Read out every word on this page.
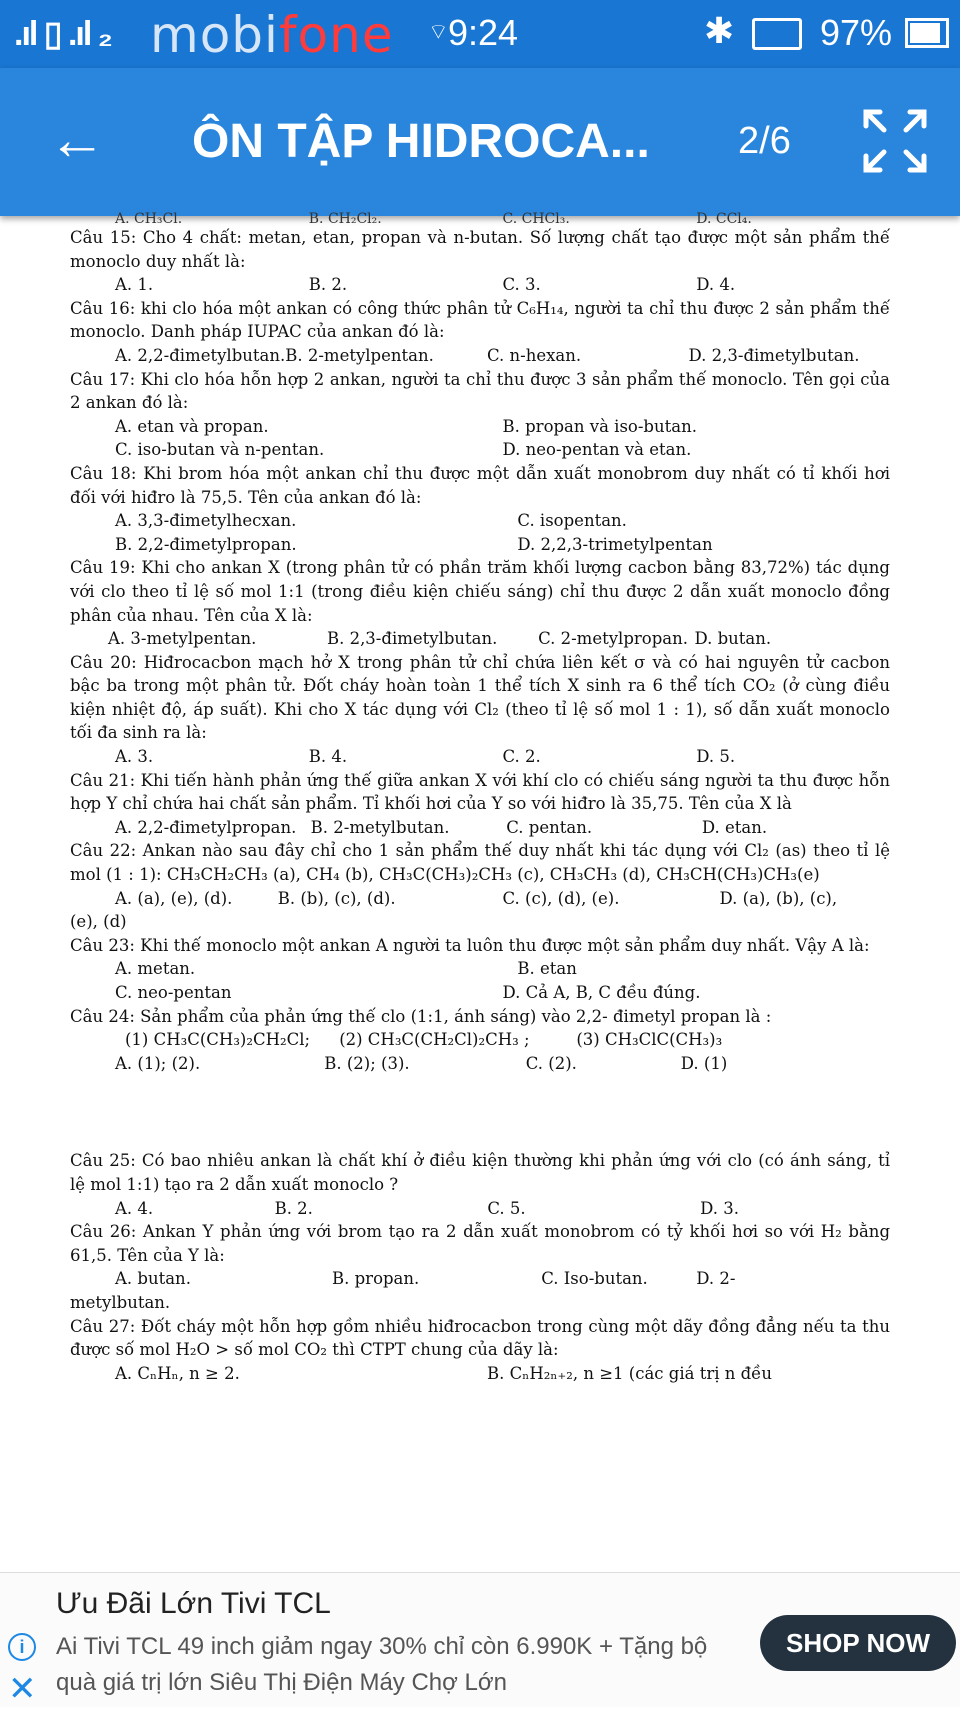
.ıl ▯ .ıl ₂ mobifone ⌔ 9:24	✱ 97%
← ÔN TẬP HIDROCA... 2/6
A. CH₃Cl.	B. CH₂Cl₂.	C. CHCl₃.	D. CCl₄.

Câu 15: Cho 4 chất: metan, etan, propan và n-butan. Số lượng chất tạo được một sản phẩm thế monoclo duy nhất là:

A. 1.	B. 2.	C. 3.	D. 4.

Câu 16: khi clo hóa một ankan có công thức phân tử C₆H₁₄, người ta chỉ thu được 2 sản phẩm thế monoclo. Danh pháp IUPAC của ankan đó là:

A. 2,2-đimetylbutan.B. 2-metylpentan.	C. n-hexan.	D. 2,3-đimetylbutan.

Câu 17: Khi clo hóa hỗn hợp 2 ankan, người ta chỉ thu được 3 sản phẩm thế monoclo. Tên gọi của 2 ankan đó là:

A. etan và propan.	B. propan và iso-butan.
C. iso-butan và n-pentan.	D. neo-pentan và etan.

Câu 18: Khi brom hóa một ankan chỉ thu được một dẫn xuất monobrom duy nhất có tỉ khối hơi đối với hiđro là 75,5. Tên của ankan đó là:

A. 3,3-đimetylhecxan.	C. isopentan.
B. 2,2-đimetylpropan.	D. 2,2,3-trimetylpentan

Câu 19: Khi cho ankan X (trong phân tử có phần trăm khối lượng cacbon bằng 83,72%) tác dụng với clo theo tỉ lệ số mol 1:1 (trong điều kiện chiếu sáng) chỉ thu được 2 dẫn xuất monoclo đồng phân của nhau. Tên của X là:

A. 3-metylpentan.	B. 2,3-đimetylbutan.	C. 2-metylpropan. D. butan.

Câu 20: Hiđrocacbon mạch hở X trong phân tử chỉ chứa liên kết σ và có hai nguyên tử cacbon bậc ba trong một phân tử. Đốt cháy hoàn toàn 1 thể tích X sinh ra 6 thể tích CO₂ (ở cùng điều kiện nhiệt độ, áp suất). Khi cho X tác dụng với Cl₂ (theo tỉ lệ số mol 1 : 1), số dẫn xuất monoclo tối đa sinh ra là:

A. 3.	B. 4.	C. 2.	D. 5.

Câu 21: Khi tiến hành phản ứng thế giữa ankan X với khí clo có chiếu sáng người ta thu được hỗn hợp Y chỉ chứa hai chất sản phẩm. Tỉ khối hơi của Y so với hiđro là 35,75. Tên của X là

A. 2,2-đimetylpropan. B. 2-metylbutan.	C. pentan.	D. etan.

Câu 22: Ankan nào sau đây chỉ cho 1 sản phẩm thế duy nhất khi tác dụng với Cl₂ (as) theo tỉ lệ mol (1 : 1): CH₃CH₂CH₃ (a), CH₄ (b), CH₃C(CH₃)₂CH₃ (c), CH₃CH₃ (d), CH₃CH(CH₃)CH₃(e)

A. (a), (e), (d).	B. (b), (c), (d).	C. (c), (d), (e).	D. (a), (b), (c),

(e), (d)

Câu 23: Khi thế monoclo một ankan A người ta luôn thu được một sản phẩm duy nhất. Vậy A là:

A. metan.	B. etan
C. neo-pentan	D. Cả A, B, C đều đúng.

Câu 24: Sản phẩm của phản ứng thế clo (1:1, ánh sáng) vào 2,2- đimetyl propan là :

(1) CH₃C(CH₃)₂CH₂Cl;	(2) CH₃C(CH₂Cl)₂CH₃ ;	(3) CH₃ClC(CH₃)₃
A. (1); (2).	B. (2); (3).	C. (2).	D. (1)

Câu 25: Có bao nhiêu ankan là chất khí ở điều kiện thường khi phản ứng với clo (có ánh sáng, tỉ lệ mol 1:1) tạo ra 2 dẫn xuất monoclo ?

A. 4.	B. 2.	C. 5.	D. 3.

Câu 26: Ankan Y phản ứng với brom tạo ra 2 dẫn xuất monobrom có tỷ khối hơi so với H₂ bằng 61,5. Tên của Y là:

A. butan.	B. propan.	C. Iso-butan.	D. 2-

metylbutan.

Câu 27: Đốt cháy một hỗn hợp gồm nhiều hiđrocacbon trong cùng một dãy đồng đẳng nếu ta thu được số mol H₂O > số mol CO₂ thì CTPT chung của dãy là:

A. CₙHₙ, n ≥ 2.	B. CₙH₂ₙ₊₂, n ≥1 (các giá trị n đều
i
✕
Ưu Đãi Lớn Tivi TCL
Ai Tivi TCL 49 inch giảm ngay 30% chỉ còn 6.990K + Tặng bộ quà giá trị lớn Siêu Thị Điện Máy Chợ Lớn
SHOP NOW
